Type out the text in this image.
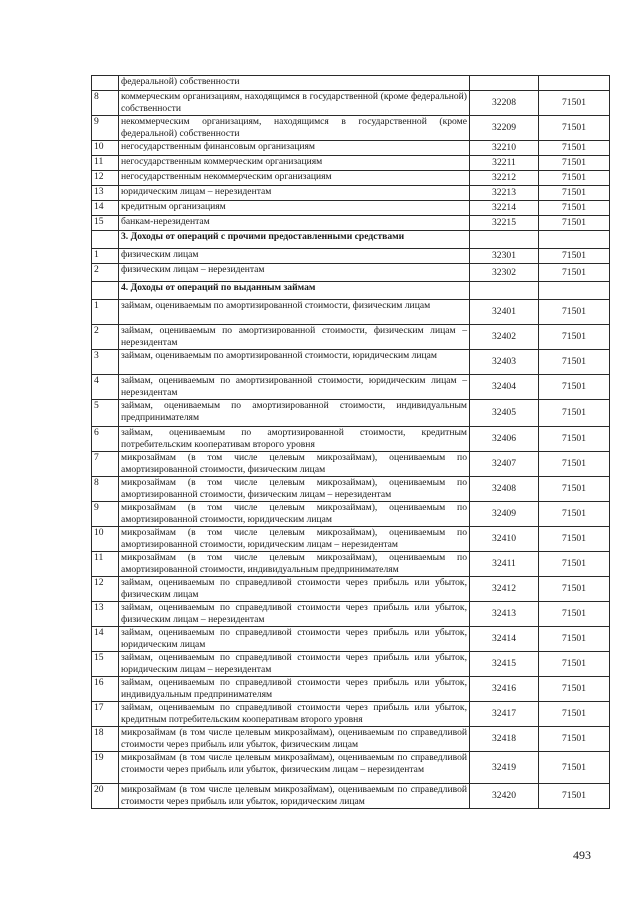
	федеральной) собственности		
8	коммерческим организациям, находящимся в государственной (кроме федеральной) собственности	32208	71501
9	некоммерческим организациям, находящимся в государственной (кроме федеральной) собственности	32209	71501
10	негосударственным финансовым организациям	32210	71501
11	негосударственным коммерческим организациям	32211	71501
12	негосударственным некоммерческим организациям	32212	71501
13	юридическим лицам – нерезидентам	32213	71501
14	кредитным организациям	32214	71501
15	банкам-нерезидентам	32215	71501
	3. Доходы от операций с прочими предоставленными средствами		
1	физическим лицам	32301	71501
2	физическим лицам – нерезидентам	32302	71501
	4. Доходы от операций по выданным займам		
1	займам, оцениваемым по амортизированной стоимости, физическим лицам	32401	71501
2	займам, оцениваемым по амортизированной стоимости, физическим лицам – нерезидентам	32402	71501
3	займам, оцениваемым по амортизированной стоимости, юридическим лицам	32403	71501
4	займам, оцениваемым по амортизированной стоимости, юридическим лицам – нерезидентам	32404	71501
5	займам, оцениваемым по амортизированной стоимости, индивидуальным предпринимателям	32405	71501
6	займам, оцениваемым по амортизированной стоимости, кредитным потребительским кооперативам второго уровня	32406	71501
7	микрозаймам (в том числе целевым микрозаймам), оцениваемым по амортизированной стоимости, физическим лицам	32407	71501
8	микрозаймам (в том числе целевым микрозаймам), оцениваемым по амортизированной стоимости, физическим лицам – нерезидентам	32408	71501
9	микрозаймам (в том числе целевым микрозаймам), оцениваемым по амортизированной стоимости, юридическим лицам	32409	71501
10	микрозаймам (в том числе целевым микрозаймам), оцениваемым по амортизированной стоимости, юридическим лицам – нерезидентам	32410	71501
11	микрозаймам (в том числе целевым микрозаймам), оцениваемым по амортизированной стоимости, индивидуальным предпринимателям	32411	71501
12	займам, оцениваемым по справедливой стоимости через прибыль или убыток, физическим лицам	32412	71501
13	займам, оцениваемым по справедливой стоимости через прибыль или убыток, физическим лицам – нерезидентам	32413	71501
14	займам, оцениваемым по справедливой стоимости через прибыль или убыток, юридическим лицам	32414	71501
15	займам, оцениваемым по справедливой стоимости через прибыль или убыток, юридическим лицам – нерезидентам	32415	71501
16	займам, оцениваемым по справедливой стоимости через прибыль или убыток, индивидуальным предпринимателям	32416	71501
17	займам, оцениваемым по справедливой стоимости через прибыль или убыток, кредитным потребительским кооперативам второго уровня	32417	71501
18	микрозаймам (в том числе целевым микрозаймам), оцениваемым по справедливой стоимости через прибыль или убыток, физическим лицам	32418	71501
19	микрозаймам (в том числе целевым микрозаймам), оцениваемым по справедливой стоимости через прибыль или убыток, физическим лицам – нерезидентам	32419	71501
20	микрозаймам (в том числе целевым микрозаймам), оцениваемым по справедливой стоимости через прибыль или убыток, юридическим лицам	32420	71501
493
